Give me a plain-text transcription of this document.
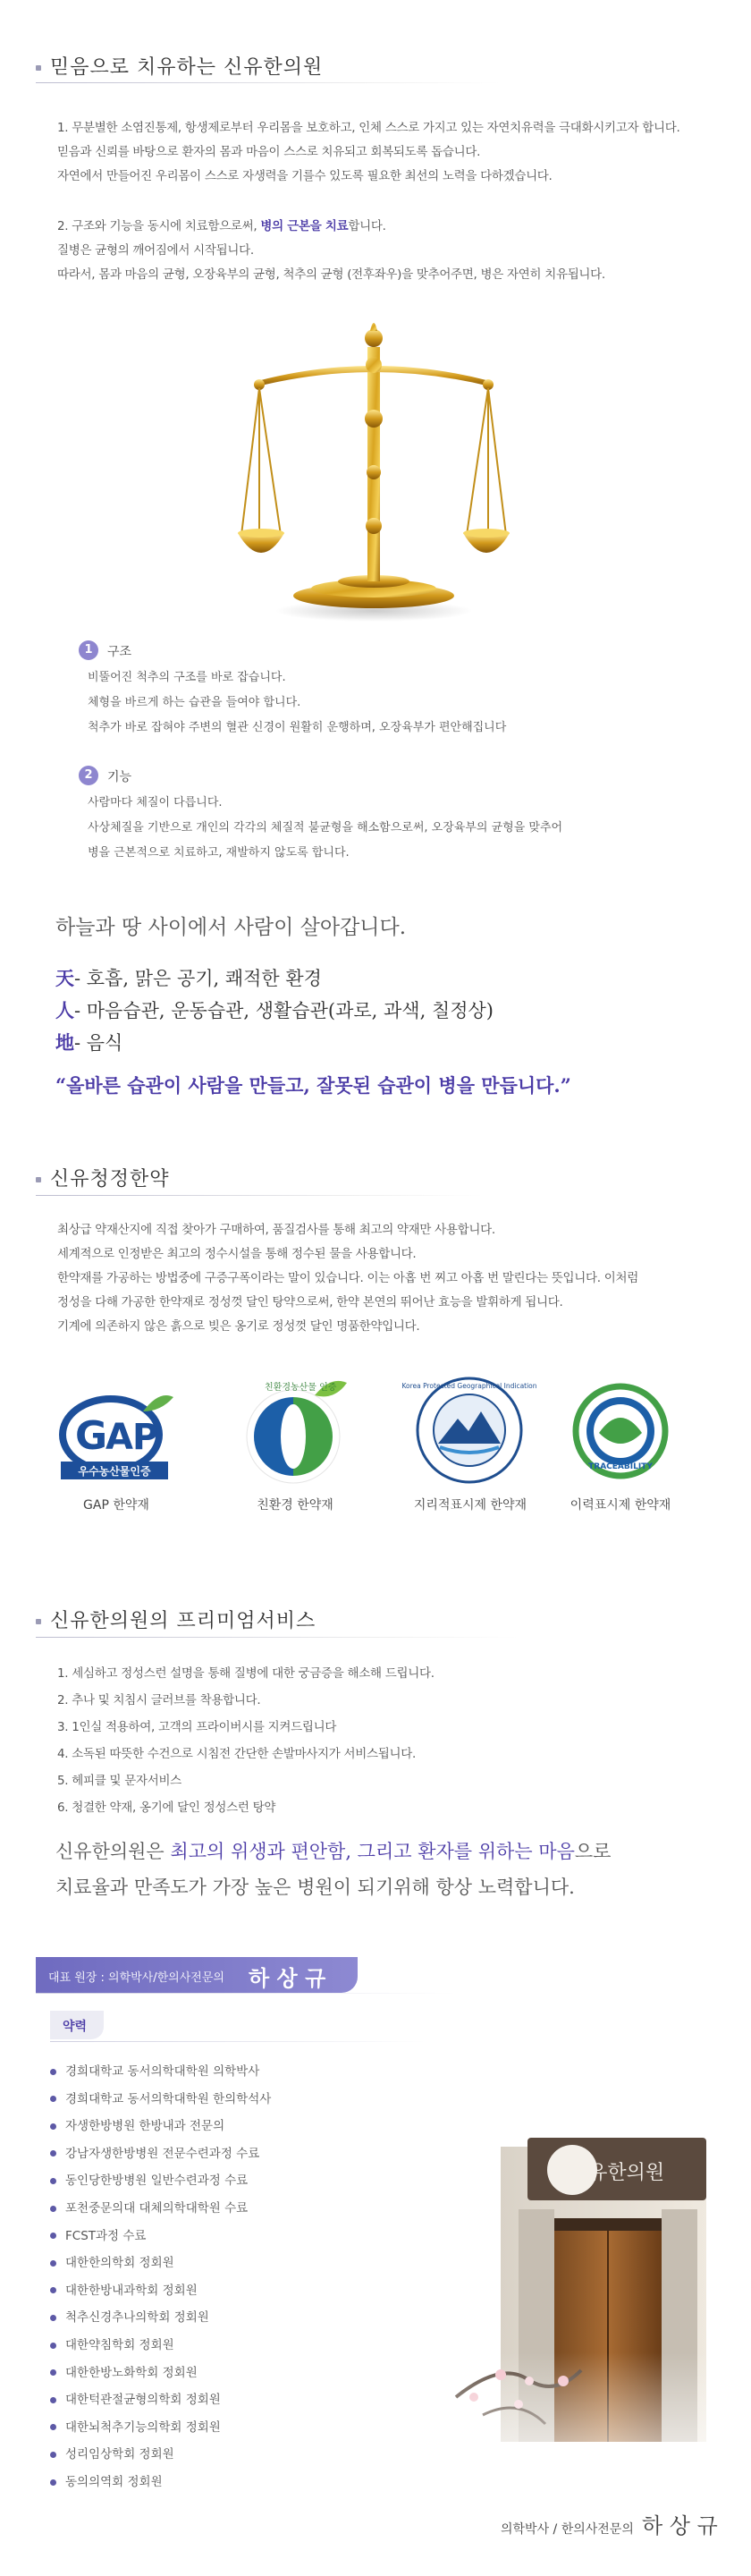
믿음으로 치유하는 신유한의원
1. 무분별한 소염진통제, 항생제로부터 우리몸을 보호하고, 인체 스스로 가지고 있는 자연치유력을 극대화시키고자 합니다.
믿음과 신뢰를 바탕으로 환자의 몸과 마음이 스스로 치유되고 회복되도록 돕습니다.
자연에서 만들어진 우리몸이 스스로 자생력을 기를수 있도록 필요한 최선의 노력을 다하겠습니다.
2. 구조와 기능을 동시에 치료함으로써, 병의 근본을 치료합니다.
질병은 균형의 깨어짐에서 시작됩니다.
따라서, 몸과 마음의 균형, 오장육부의 균형, 척추의 균형 (전후좌우)을 맞추어주면, 병은 자연히 치유됩니다.
1	구조
비뚤어진 척추의 구조를 바로 잡습니다.
체형을 바르게 하는 습관을 들여야 합니다.
척추가 바로 잡혀야 주변의 혈관 신경이 원활히 운행하며, 오장육부가 편안해집니다
2	기능
사람마다 체질이 다릅니다.
사상체질을 기반으로 개인의 각각의 체질적 불균형을 해소함으로써, 오장육부의 균형을 맞추어
병을 근본적으로 치료하고, 재발하지 않도록 합니다.
하늘과 땅 사이에서 사람이 살아갑니다.
天- 호흡, 맑은 공기, 쾌적한 환경
人- 마음습관, 운동습관, 생활습관(과로, 과색, 칠정상)
地- 음식
“올바른 습관이 사람을 만들고, 잘못된 습관이 병을 만듭니다.”
신유청정한약
최상급 약재산지에 직접 찾아가 구매하여, 품질검사를 통해 최고의 약재만 사용합니다.
세계적으로 인정받은 최고의 정수시설을 통해 정수된 물을 사용합니다.
한약재를 가공하는 방법중에 구증구폭이라는 말이 있습니다. 이는 아홉 번 찌고 아홉 번 말린다는 뜻입니다. 이처럼
정성을 다해 가공한 한약재로 정성껏 달인 탕약으로써, 한약 본연의 뛰어난 효능을 발휘하게 됩니다.
기계에 의존하지 않은 흙으로 빚은 옹기로 정성껏 달인 명품한약입니다.
G
A P
우수농산물인증
GAP 한약재
친환경농산물 인증
친환경 한약재
Korea Protected Geographical Indication
지리적표시제 한약재
TRACEABILITY
이력표시제 한약재
신유한의원의 프리미엄서비스
1. 세심하고 정성스런 설명을 통해 질병에 대한 궁금증을 해소해 드립니다.
2. 추나 및 치침시 글러브를 착용합니다.
3. 1인실 적용하여, 고객의 프라이버시를 지켜드립니다
4. 소독된 따뜻한 수건으로 시침전 간단한 손발마사지가 서비스됩니다.
5. 헤피클 및 문자서비스
6. 청결한 약재, 옹기에 달인 정성스런 탕약
신유한의원은 최고의 위생과 편안함, 그리고 환자를 위하는 마음으로
치료율과 만족도가 가장 높은 병원이 되기위해 항상 노력합니다.
대표 원장 : 의학박사/한의사전문의 하 상 규
약력
경희대학교 동서의학대학원 의학박사
경희대학교 동서의학대학원 한의학석사
자생한방병원 한방내과 전문의
강남자생한방병원 전문수련과정 수료
동인당한방병원 일반수련과정 수료
포천중문의대 대체의학대학원 수료
FCST과정 수료
대한한의학회 정회원
대한한방내과학회 정회원
척추신경추나의학회 정회원
대한약침학회 정회원
대한한방노화학회 정회원
대한턱관절균형의학회 정회원
대한뇌척추기능의학회 정회원
성리임상학회 정회원
동의의역회 정회원
신유한의원
의학박사 / 한의사전문의 하 상 규
